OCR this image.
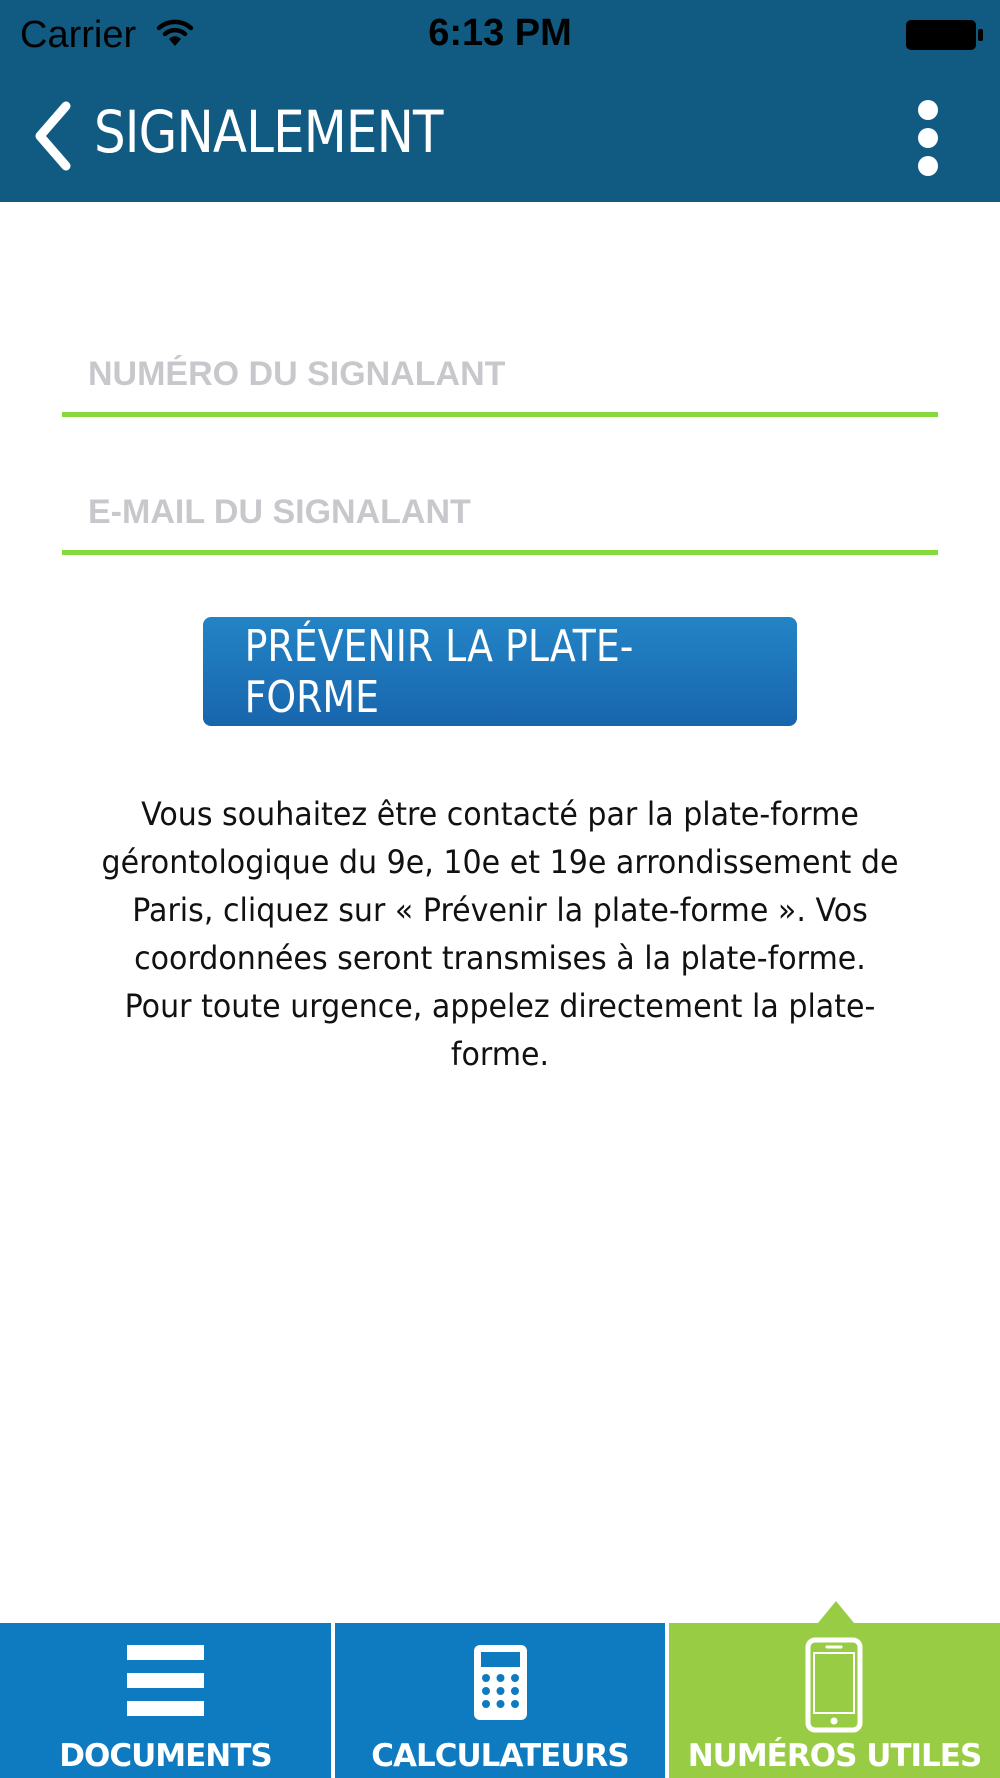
Carrier	6:13 PM
SIGNALEMENT
NUMÉRO DU SIGNALANT
E-MAIL DU SIGNALANT
PRÉVENIR LA PLATE-FORME

Vous souhaitez être contacté par la plate-forme gérontologique du 9e, 10e et 19e arrondissement de Paris, cliquez sur « Prévenir la plate-forme ». Vos coordonnées seront transmises à la plate-forme.

Pour toute urgence, appelez directement la plate-forme.

DOCUMENTS	CALCULATEURS	NUMÉROS UTILES
